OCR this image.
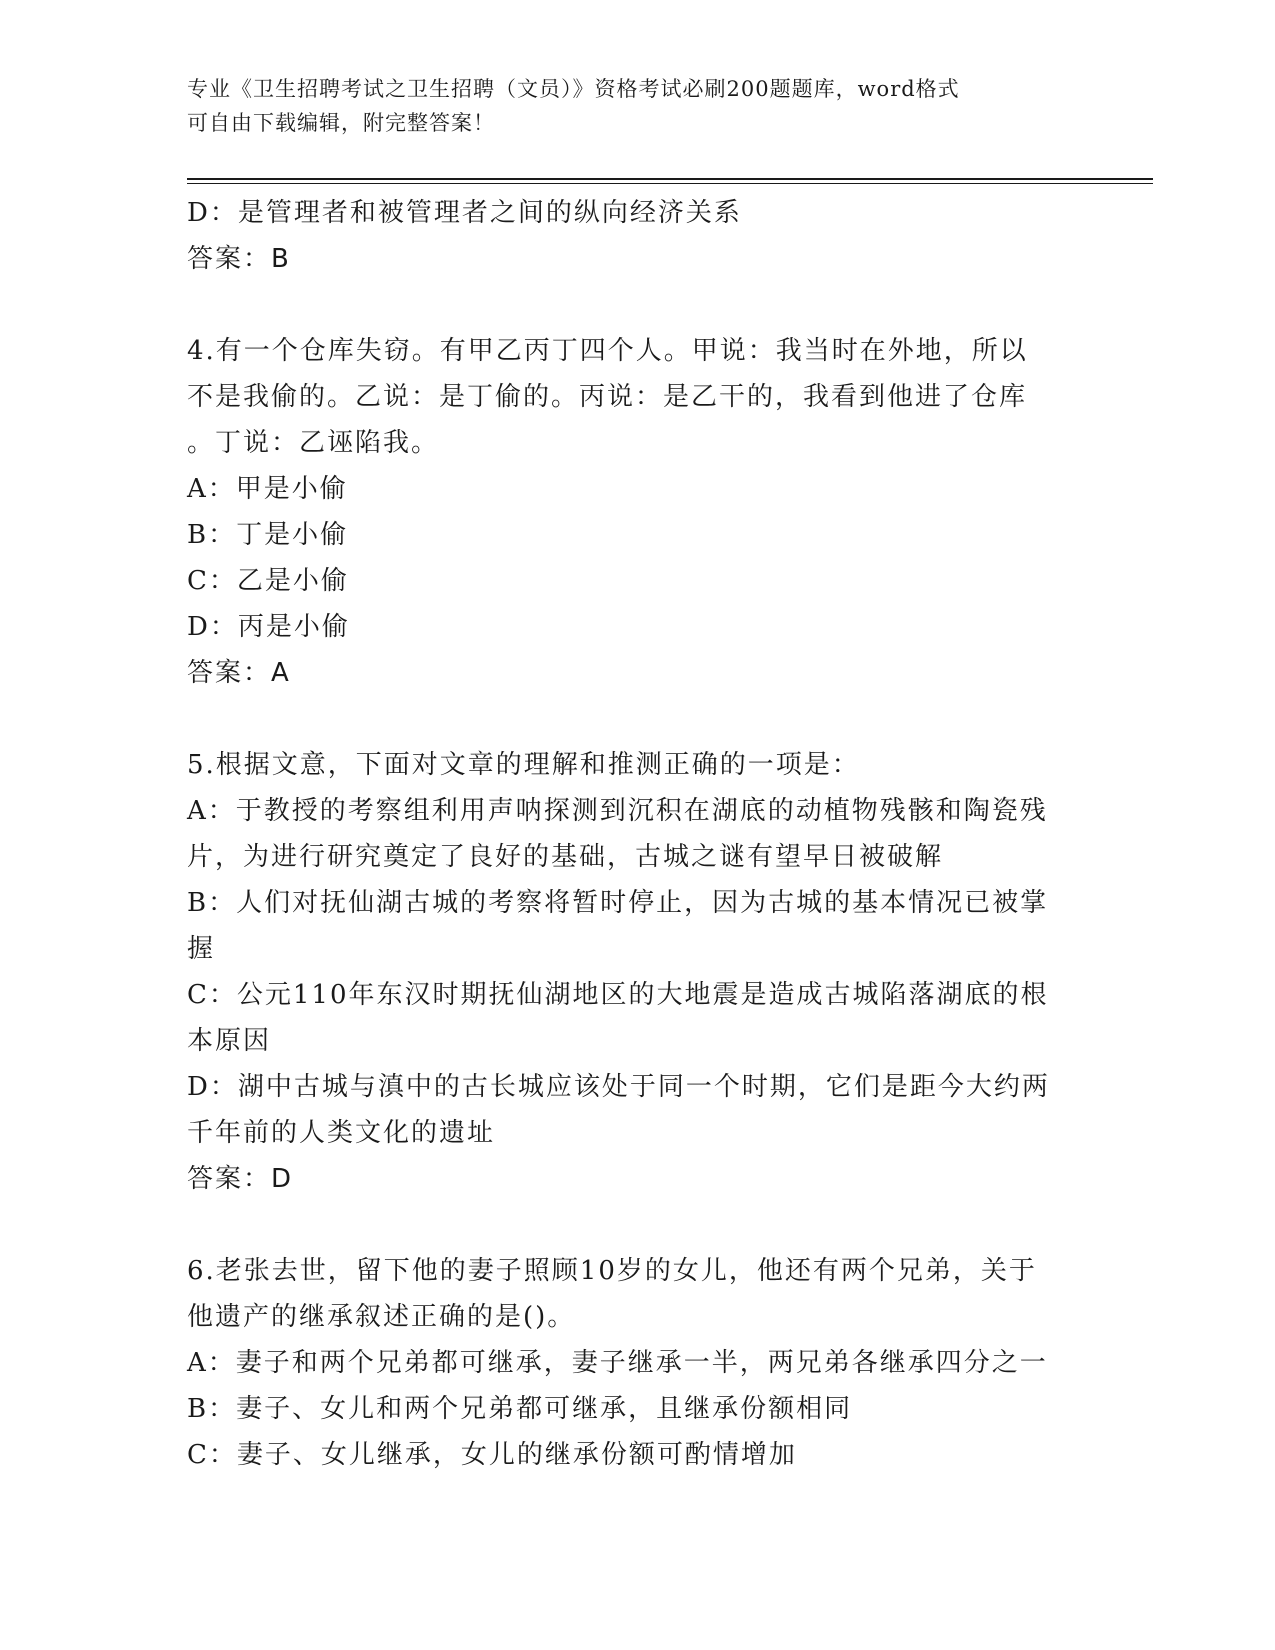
专业《卫生招聘考试之卫生招聘（文员）》资格考试必刷200题题库，word格式

可自由下载编辑，附完整答案！

D：是管理者和被管理者之间的纵向经济关系

答案：B

4.有一个仓库失窃。有甲乙丙丁四个人。甲说：我当时在外地，所以

不是我偷的。乙说：是丁偷的。丙说：是乙干的，我看到他进了仓库

。丁说：乙诬陷我。

A：甲是小偷

B：丁是小偷

C：乙是小偷

D：丙是小偷

答案：A

5.根据文意，下面对文章的理解和推测正确的一项是：

A：于教授的考察组利用声呐探测到沉积在湖底的动植物残骸和陶瓷残

片，为进行研究奠定了良好的基础，古城之谜有望早日被破解

B：人们对抚仙湖古城的考察将暂时停止，因为古城的基本情况已被掌

握

C：公元110年东汉时期抚仙湖地区的大地震是造成古城陷落湖底的根

本原因

D：湖中古城与滇中的古长城应该处于同一个时期，它们是距今大约两

千年前的人类文化的遗址

答案：D

6.老张去世，留下他的妻子照顾10岁的女儿，他还有两个兄弟，关于

他遗产的继承叙述正确的是()。

A：妻子和两个兄弟都可继承，妻子继承一半，两兄弟各继承四分之一

B：妻子、女儿和两个兄弟都可继承，且继承份额相同

C：妻子、女儿继承，女儿的继承份额可酌情增加
